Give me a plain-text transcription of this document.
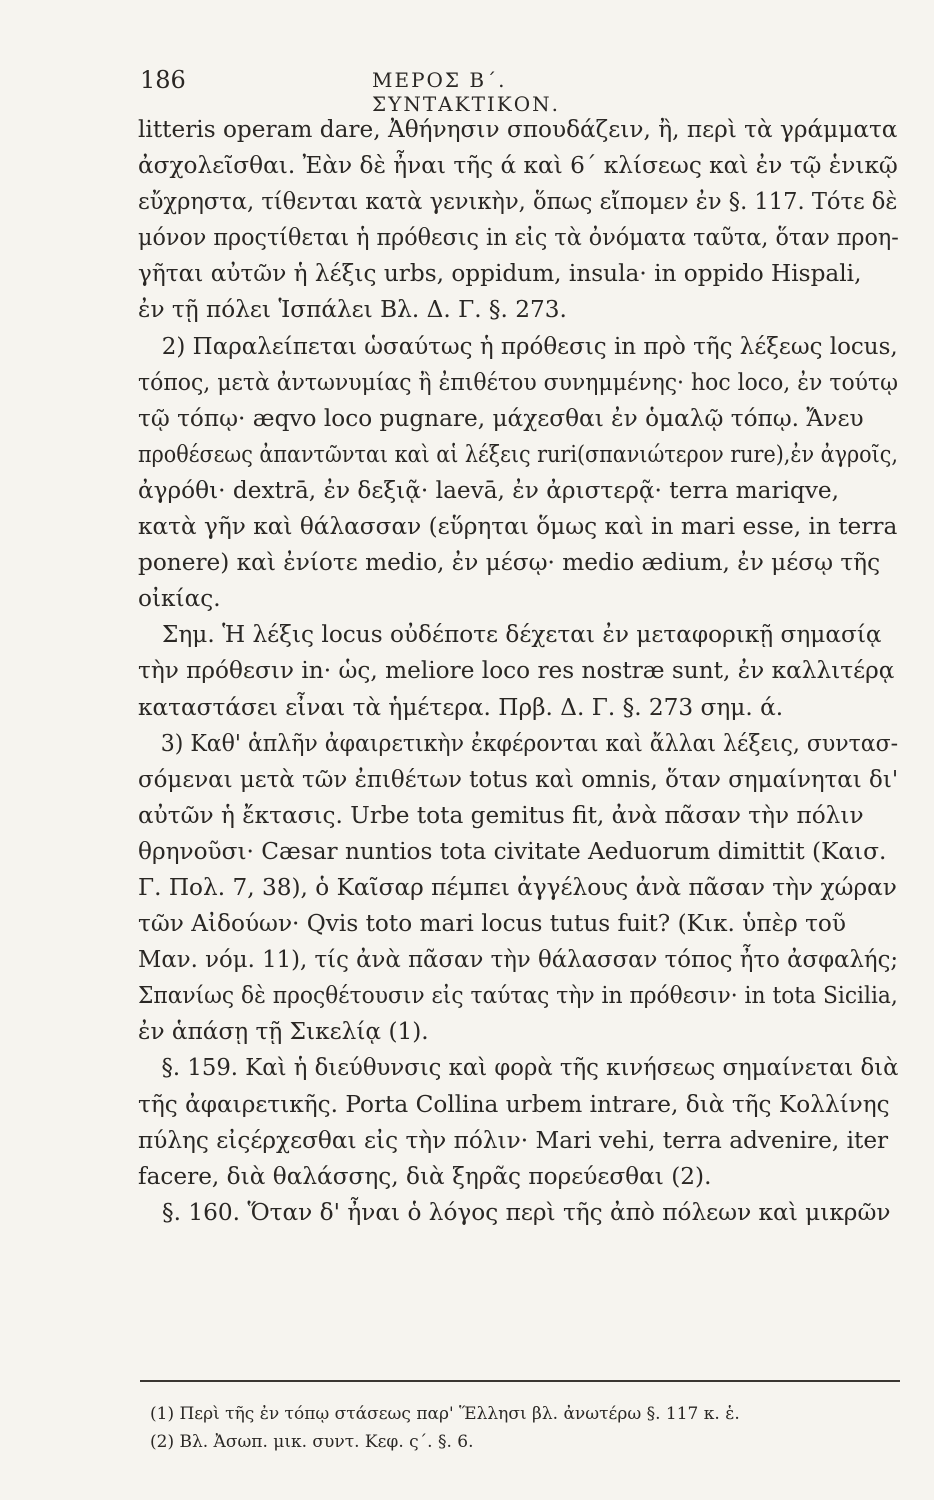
186	ΜΕΡΟΣ Β΄. ΣΥΝΤΑΚΤΙΚΟΝ.
litteris operam dare, Ἀθήνησιν σπουδάζειν, ἢ, περὶ τὰ γράμματα
ἀσχολεῖσθαι. Ἐὰν δὲ ἦναι τῆς ά καὶ 6΄ κλίσεως καὶ ἐν τῷ ἑνικῷ
εὔχρηστα, τίθενται κατὰ γενικὴν, ὅπως εἴπομεν ἐν §. 117. Τότε δὲ
μόνον προςτίθεται ἡ πρόθεσις in εἰς τὰ ὀνόματα ταῦτα, ὅταν προη-
γῆται αὐτῶν ἡ λέξις urbs, oppidum, insula· in oppido Hispali,
ἐν τῇ πόλει Ἱσπάλει Βλ. Δ. Γ. §. 273.
2) Παραλείπεται ὡσαύτως ἡ πρόθεσις in πρὸ τῆς λέξεως locus,
τόπος, μετὰ ἀντωνυμίας ἢ ἐπιθέτου συνημμένης· hoc loco, ἐν τούτῳ
τῷ τόπῳ· æqvo loco pugnare, μάχεσθαι ἐν ὁμαλῷ τόπῳ. Ἄνευ
προθέσεως ἀπαντῶνται καὶ αἱ λέξεις ruri(σπανιώτερον rure),ἐν ἀγροῖς,
ἀγρόθι· dextrā, ἐν δεξιᾷ· laevā, ἐν ἀριστερᾷ· terra mariqve,
κατὰ γῆν καὶ θάλασσαν (εὕρηται ὅμως καὶ in mari esse, in terra
ponere) καὶ ἐνίοτε medio, ἐν μέσῳ· medio ædium, ἐν μέσῳ τῆς
οἰκίας.
Σημ. Ἡ λέξις locus οὐδέποτε δέχεται ἐν μεταφορικῇ σημασίᾳ
τὴν πρόθεσιν in· ὡς, meliore loco res nostræ sunt, ἐν καλλιτέρᾳ
καταστάσει εἶναι τὰ ἡμέτερα. Πρβ. Δ. Γ. §. 273 σημ. ά.
3) Καθ' ἁπλῆν ἀφαιρετικὴν ἐκφέρονται καὶ ἄλλαι λέξεις, συντασ-
σόμεναι μετὰ τῶν ἐπιθέτων totus καὶ omnis, ὅταν σημαίνηται δι'
αὐτῶν ἡ ἔκτασις. Urbe tota gemitus fit, ἀνὰ πᾶσαν τὴν πόλιν
θρηνοῦσι· Cæsar nuntios tota civitate Aeduorum dimittit (Καισ.
Γ. Πολ. 7, 38), ὁ Καῖσαρ πέμπει ἀγγέλους ἀνὰ πᾶσαν τὴν χώραν
τῶν Αἰδούων· Qvis toto mari locus tutus fuit? (Κικ. ὑπὲρ τοῦ
Μαν. νόμ. 11), τίς ἀνὰ πᾶσαν τὴν θάλασσαν τόπος ἦτο ἀσφαλής;
Σπανίως δὲ προςθέτουσιν εἰς ταύτας τὴν in πρόθεσιν· in tota Sicilia,
ἐν ἁπάσῃ τῇ Σικελίᾳ (1).
§. 159. Καὶ ἡ διεύθυνσις καὶ φορὰ τῆς κινήσεως σημαίνεται διὰ
τῆς ἀφαιρετικῆς. Porta Collina urbem intrare, διὰ τῆς Κολλίνης
πύλης εἰςέρχεσθαι εἰς τὴν πόλιν· Mari vehi, terra advenire, iter
facere, διὰ θαλάσσης, διὰ ξηρᾶς πορεύεσθαι (2).
§. 160. Ὅταν δ' ἦναι ὁ λόγος περὶ τῆς ἀπὸ πόλεων καὶ μικρῶν
(1) Περὶ τῆς ἐν τόπῳ στάσεως παρ' Ἕλλησι βλ. ἀνωτέρω §. 117 κ. ἑ.
(2) Βλ. Ἀσωπ. μικ. συντ. Κεφ. ς΄. §. 6.
